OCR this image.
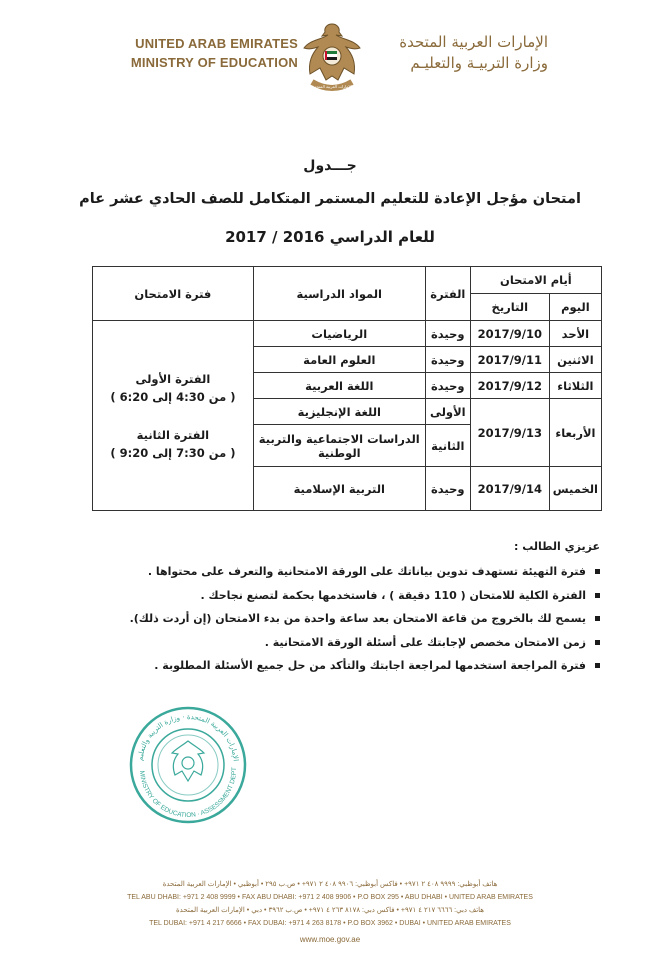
UNITED ARAB EMIRATES
MINISTRY OF EDUCATION
الإمارات العربية المتحدة
الإمارات العربية المتحدة
وزارة التربيـة والتعليـم
جـــدول
امتحان مؤجل الإعادة للتعليم المستمر المتكامل للصف الحادي عشر عام
للعام الدراسي 2016 / 2017
أيام الامتحان		الفترة	المواد الدراسية	فترة الامتحان
اليوم	التاريخ			
الأحد	2017/9/10	وحيدة	الرياضيات	الفترة الأولى
( من 4:30 إلى 6:20 )
الفترة الثانية
( من 7:30 إلى 9:20 )

الاثنين	2017/9/11	وحيدة	العلوم العامة	
الثلاثاء	2017/9/12	وحيدة	اللغة العربية	
الأربعاء	2017/9/13	الأولى	اللغة الإنجليزية	
		الثانية	الدراسات الاجتماعية والتربية الوطنية	
الخميس	2017/9/14	وحيدة	التربية الإسلامية	
عزيزي الطالب :
فترة التهيئة تستهدف تدوين بياناتك على الورقة الامتحانية والتعرف على محتواها .
الفترة الكلية للامتحان ( 110 دقيقة ) ، فاستخدمها بحكمة لتصنع نجاحك .
يسمح لك بالخروج من قاعة الامتحان بعد ساعة واحدة من بدء الامتحان (إن أردت ذلك).
زمن الامتحان مخصص لإجابتك على أسئلة الورقة الامتحانية .
فترة المراجعة استخدمها لمراجعة اجابتك والتأكد من حل جميع الأسئلة المطلوبة .
الإمارات العربية المتحدة · وزارة التربية والتعليم
MINISTRY OF EDUCATION · ASSESSMENT DEPT
هاتف أبوظبي: ٩٩٩٩ ٤٠٨ ٢ ٩٧١+ • فاكس أبوظبي: ٩٩٠٦ ٤٠٨ ٢ ٩٧١+ • ص.ب ٢٩٥ • أبوظبي • الإمارات العربية المتحدة
TEL ABU DHABI: +971 2 408 9999 • FAX ABU DHABI: +971 2 408 9906 • P.O BOX 295 • ABU DHABI • UNITED ARAB EMIRATES
هاتف دبي: ٦٦٦٦ ٢١٧ ٤ ٩٧١+ • فاكس دبي: ٨١٧٨ ٢٦٣ ٤ ٩٧١+ • ص.ب ٣٩٦٢ • دبي • الإمارات العربية المتحدة
TEL DUBAI: +971 4 217 6666 • FAX DUBAI: +971 4 263 8178 • P.O BOX 3962 • DUBAI • UNITED ARAB EMIRATES
www.moe.gov.ae
